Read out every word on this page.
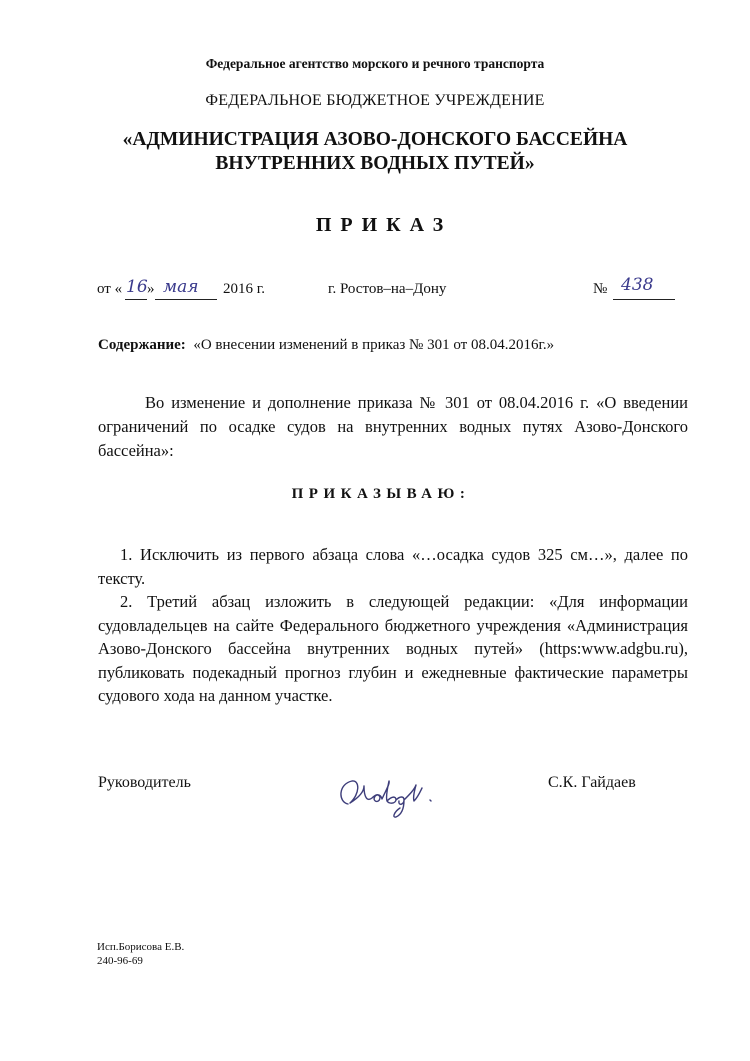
Федеральное агентство морского и речного транспорта
ФЕДЕРАЛЬНОЕ БЮДЖЕТНОЕ УЧРЕЖДЕНИЕ
«АДМИНИСТРАЦИЯ АЗОВО-ДОНСКОГО БАССЕЙНА
ВНУТРЕННИХ ВОДНЫХ ПУТЕЙ»
ПРИКАЗ
от « 16 » мая 2016 г.	г. Ростов–на–Дону	№ 438
Содержание: «О внесении изменений в приказ № 301 от 08.04.2016г.»
Во изменение и дополнение приказа № 301 от 08.04.2016 г. «О введении ограничений по осадке судов на внутренних водных путях Азово-Донского бассейна»:
ПРИКАЗЫВАЮ:

1. Исключить из первого абзаца слова «…осадка судов 325 см…», далее по тексту.

2. Третий абзац изложить в следующей редакции: «Для информации судовладельцев на сайте Федерального бюджетного учреждения «Администрация Азово-Донского бассейна внутренних водных путей» (https:www.adgbu.ru), публиковать подекадный прогноз глубин и ежедневные фактические параметры судового хода на данном участке.

Руководитель	С.К. Гайдаев
Исп.Борисова Е.В.
240-96-69
